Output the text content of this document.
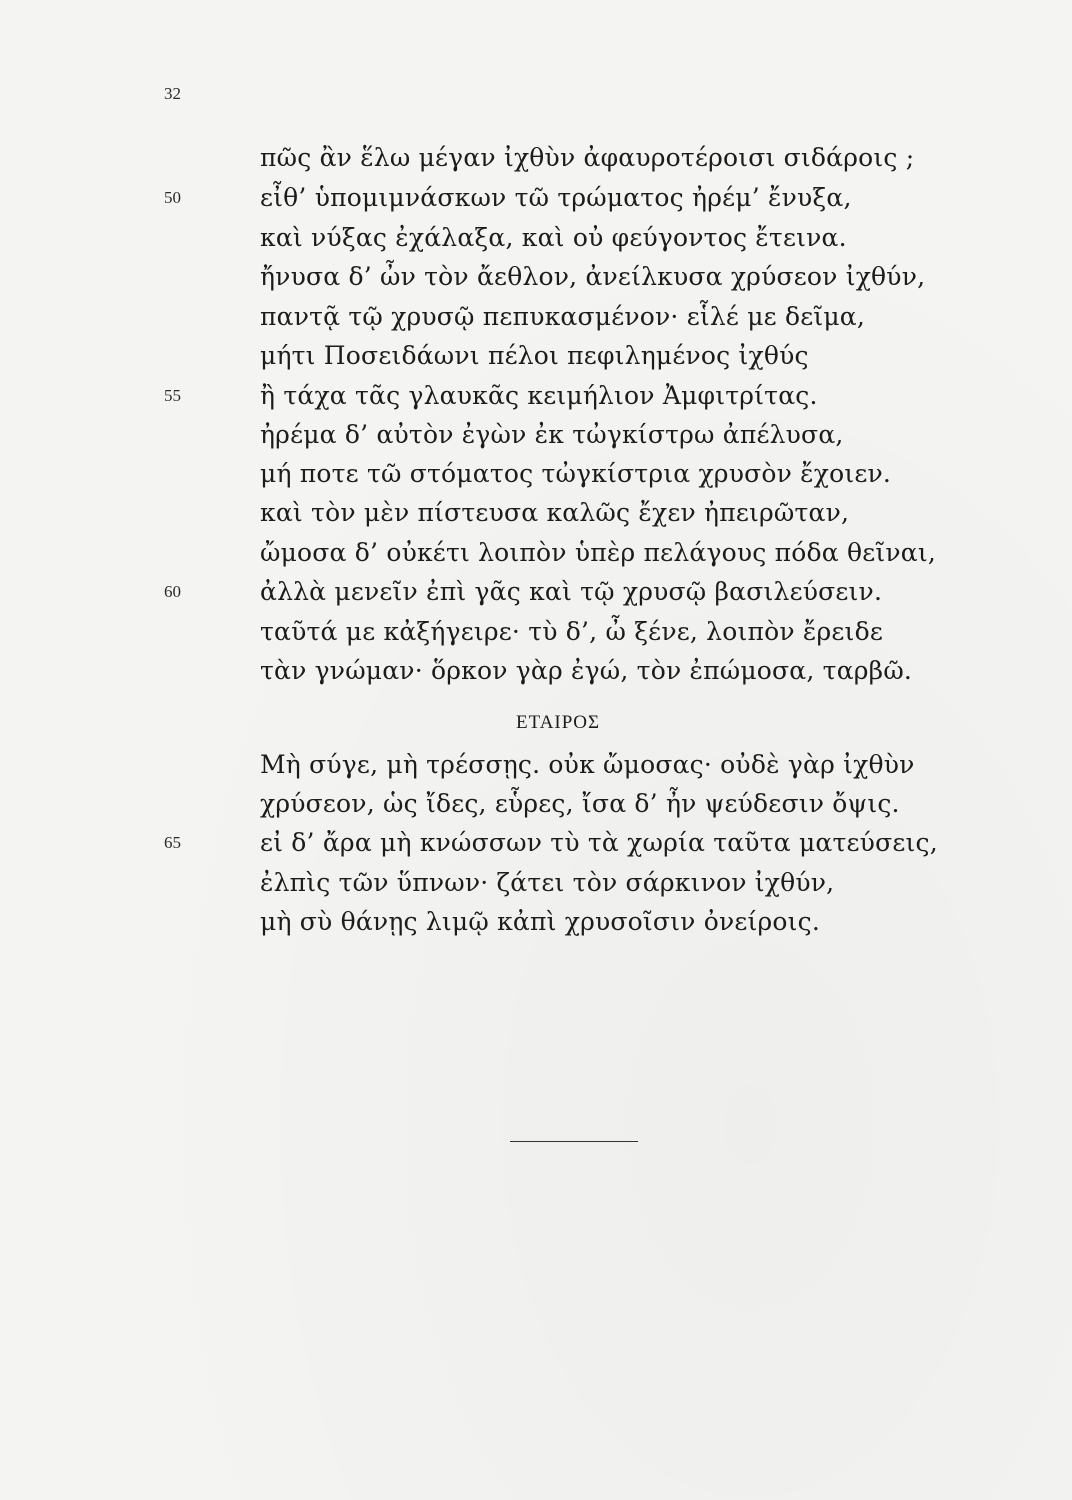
32
50
55
60
65
πῶς ἂν ἕλω μέγαν ἰχθὺν ἀφαυροτέροισι σιδάροις ;
εἶθ’ ὑπομιμνάσκων τῶ τρώματος ἠρέμ’ ἔνυξα,
καὶ νύξας ἐχάλαξα, καὶ οὐ φεύγοντος ἔτεινα.
ἤνυσα δ’ ὦν τὸν ἄεθλον, ἀνείλκυσα χρύσεον ἰχθύν,
παντᾷ τῷ χρυσῷ πεπυκασμένον· εἷλέ με δεῖμα,
μήτι Ποσειδάωνι πέλοι πεφιλημένος ἰχθύς
ἢ τάχα τᾶς γλαυκᾶς κειμήλιον Ἀμφιτρίτας.
ἠρέμα δ’ αὐτὸν ἐγὼν ἐκ τὠγκίστρω ἀπέλυσα,
μή ποτε τῶ στόματος τὠγκίστρια χρυσὸν ἔχοιεν.
καὶ τὸν μὲν πίστευσα καλῶς ἔχεν ἠπειρῶταν,
ὤμοσα δ’ οὐκέτι λοιπὸν ὑπὲρ πελάγους πόδα θεῖναι,
ἀλλὰ μενεῖν ἐπὶ γᾶς καὶ τῷ χρυσῷ βασιλεύσειν.
ταῦτά με κἀξήγειρε· τὺ δ’, ὦ ξένε, λοιπὸν ἔρειδε
τὰν γνώμαν· ὅρκον γὰρ ἐγώ, τὸν ἐπώμοσα, ταρβῶ.
ΕΤΑΙΡΟΣ
Μὴ σύγε, μὴ τρέσσῃς. οὐκ ὤμοσας· οὐδὲ γὰρ ἰχθὺν
χρύσεον, ὡς ἴδες, εὗρες, ἴσα δ’ ἦν ψεύδεσιν ὄψις.
εἰ δ’ ἄρα μὴ κνώσσων τὺ τὰ χωρία ταῦτα ματεύσεις,
ἐλπὶς τῶν ὕπνων· ζάτει τὸν σάρκινον ἰχθύν,
μὴ σὺ θάνῃς λιμῷ κἀπὶ χρυσοῖσιν ὀνείροις.
